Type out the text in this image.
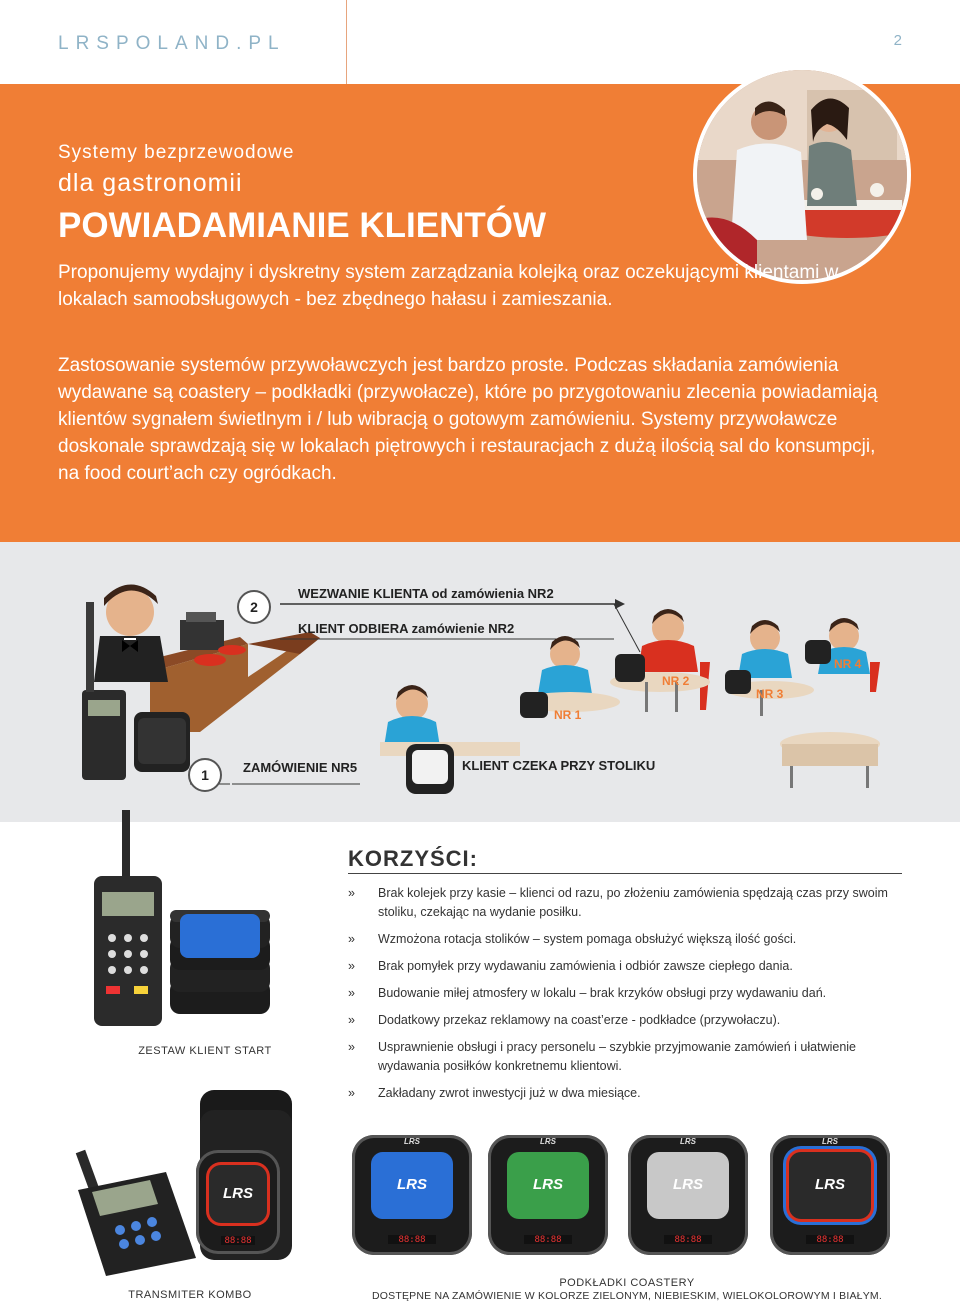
LRSPOLAND.PL	2
Systemy bezprzewodowe
dla gastronomii
POWIADAMIANIE KLIENTÓW
Proponujemy wydajny i dyskretny system zarządzania kolejką oraz oczekującymi klientami w lokalach samoobsługowych - bez zbędnego hałasu i zamieszania.
Zastosowanie systemów przywoławczych jest bardzo proste. Podczas składania zamówienia wydawane są coastery – podkładki (przywołacze), które po przygotowaniu zlecenia powiadamiają klientów sygnałem świetlnym i / lub wibracją o gotowym zamówieniu. Systemy przywoławcze doskonale sprawdzają się w lokalach piętrowych i restauracjach z dużą ilością sal do konsumpcji, na food court’ach czy ogródkach.
2
WEZWANIE KLIENTA od zamówienia NR2
KLIENT ODBIERA zamówienie NR2
1	ZAMÓWIENIE NR5	KLIENT CZEKA PRZY STOLIKU
NR 1
NR 2
NR 3
NR 4
ZESTAW KLIENT START
KORZYŚCI:
» Brak kolejek przy kasie – klienci od razu, po złożeniu zamówienia spędzają czas przy swoim stoliku, czekając na wydanie posiłku.
» Wzmożona rotacja stolików – system pomaga obsłużyć większą ilość gości.
» Brak pomyłek przy wydawaniu zamówienia i odbiór zawsze ciepłego dania.
» Budowanie miłej atmosfery w lokalu – brak krzyków obsługi przy wydawaniu dań.
» Dodatkowy przekaz reklamowy na coast’erze - podkładce (przywołaczu).
» Usprawnienie obsługi i pracy personelu – szybkie przyjmowanie zamówień i ułatwienie wydawania posiłków konkretnemu klientowi.
» Zakładany zwrot inwestycji już w dwa miesiące.
LRS
88:88
LRS
LRS
88:88
LRS
LRS
88:88
LRS
LRS
88:88
LRS
LRS
88:88
TRANSMITER KOMBO
PODKŁADKI COASTERY
DOSTĘPNE NA ZAMÓWIENIE W KOLORZE ZIELONYM, NIEBIESKIM, WIELOKOLOROWYM I BIAŁYM.
